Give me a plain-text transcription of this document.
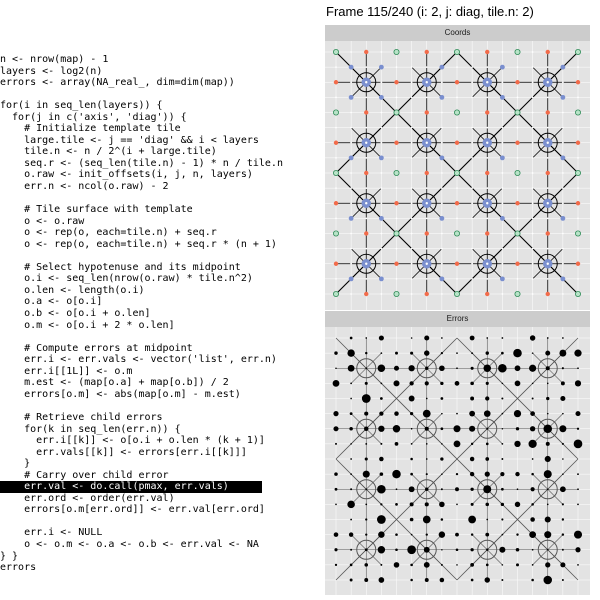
Frame 115/240 (i: 2, j: diag, tile.n: 2)
n <- nrow(map) - 1
layers <- log2(n)
errors <- array(NA_real_, dim=dim(map))
for(i in seq_len(layers)) {
for(j in c('axis', 'diag')) {
# Initialize template tile
large.tile <- j == 'diag' && i < layers
tile.n <- n / 2^(i + large.tile)
seq.r <- (seq_len(tile.n) - 1) * n / tile.n
o.raw <- init_offsets(i, j, n, layers)
err.n <- ncol(o.raw) - 2
# Tile surface with template
o <- o.raw
o <- rep(o, each=tile.n) + seq.r
o <- rep(o, each=tile.n) + seq.r * (n + 1)
# Select hypotenuse and its midpoint
o.i <- seq_len(nrow(o.raw) * tile.n^2)
o.len <- length(o.i)
o.a <- o[o.i]
o.b <- o[o.i + o.len]
o.m <- o[o.i + 2 * o.len]
# Compute errors at midpoint
err.i <- err.vals <- vector('list', err.n)
err.i[[1L]] <- o.m
m.est <- (map[o.a] + map[o.b]) / 2
errors[o.m] <- abs(map[o.m] - m.est)
# Retrieve child errors
for(k in seq_len(err.n)) {
err.i[[k]] <- o[o.i + o.len * (k + 1)]
err.vals[[k]] <- errors[err.i[[k]]]
}
# Carry over child error
err.val <- do.call(pmax, err.vals)
err.ord <- order(err.val)
errors[o.m[err.ord]] <- err.val[err.ord]
err.i <- NULL
o <- o.m <- o.a <- o.b <- err.val <- NA
} }
errors
Coords
Errors
